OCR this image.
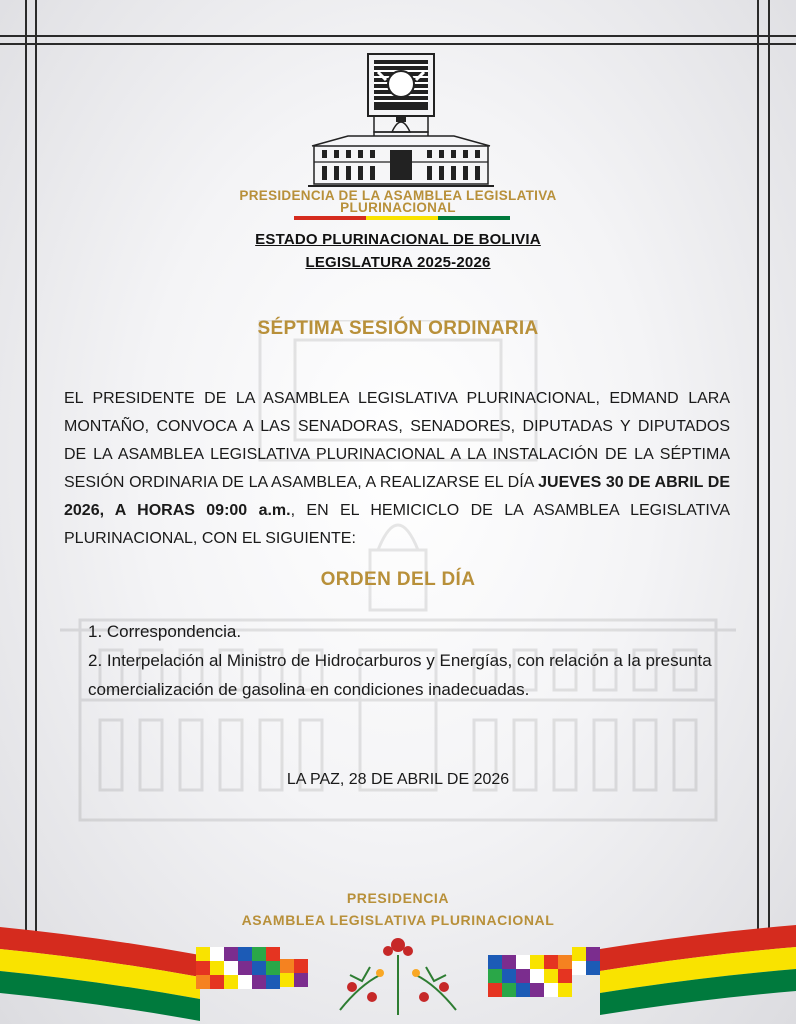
PRESIDENCIA DE LA ASAMBLEA LEGISLATIVA PLURINACIONAL
ESTADO PLURINACIONAL DE BOLIVIA
LEGISLATURA 2025-2026
SÉPTIMA SESIÓN ORDINARIA
EL PRESIDENTE DE LA ASAMBLEA LEGISLATIVA PLURINACIONAL, EDMAND LARA MONTAÑO, CONVOCA A LAS SENADORAS, SENADORES, DIPUTADAS Y DIPUTADOS DE LA ASAMBLEA LEGISLATIVA PLURINACIONAL A LA INSTALACIÓN DE LA SÉPTIMA SESIÓN ORDINARIA DE LA ASAMBLEA, A REALIZARSE EL DÍA JUEVES 30 DE ABRIL DE 2026, A HORAS 09:00 a.m., EN EL HEMICICLO DE LA ASAMBLEA LEGISLATIVA PLURINACIONAL, CON EL SIGUIENTE:
ORDEN DEL DÍA
1. Correspondencia.
2. Interpelación al Ministro de Hidrocarburos y Energías, con relación a la presunta comercialización de gasolina en condiciones inadecuadas.
LA PAZ, 28 DE ABRIL DE 2026
PRESIDENCIA
ASAMBLEA LEGISLATIVA PLURINACIONAL
